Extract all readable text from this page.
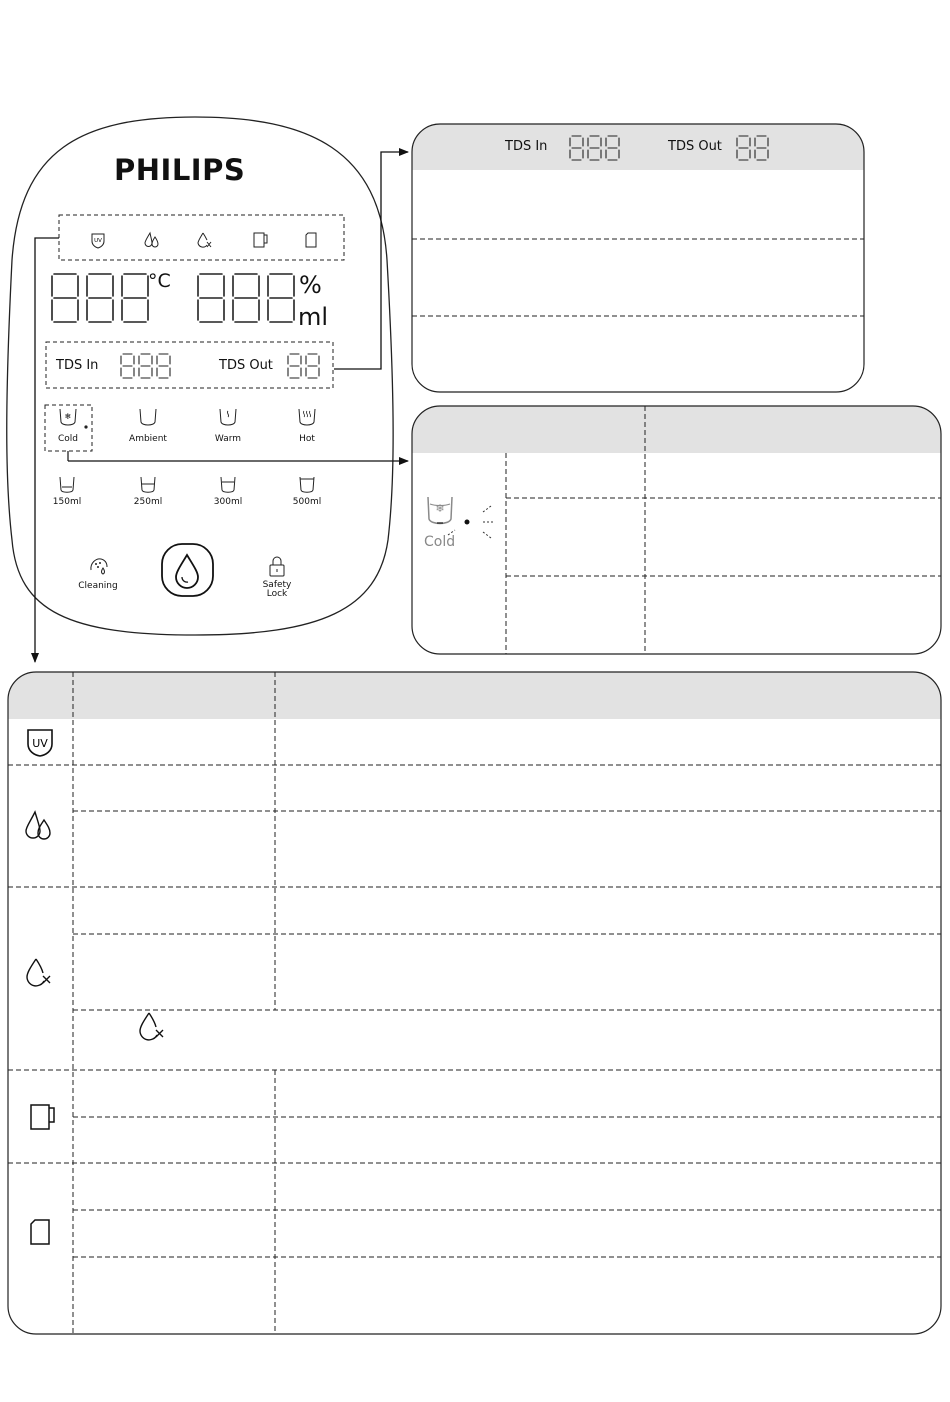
UV
❄
❄
UV
PHILIPS
°C	%
ml
TDS In	TDS Out
Cold	Ambient	Warm	Hot
150ml	250ml	300ml	500ml
Cleaning	Safety
Lock
TDS In	TDS Out
Cold
